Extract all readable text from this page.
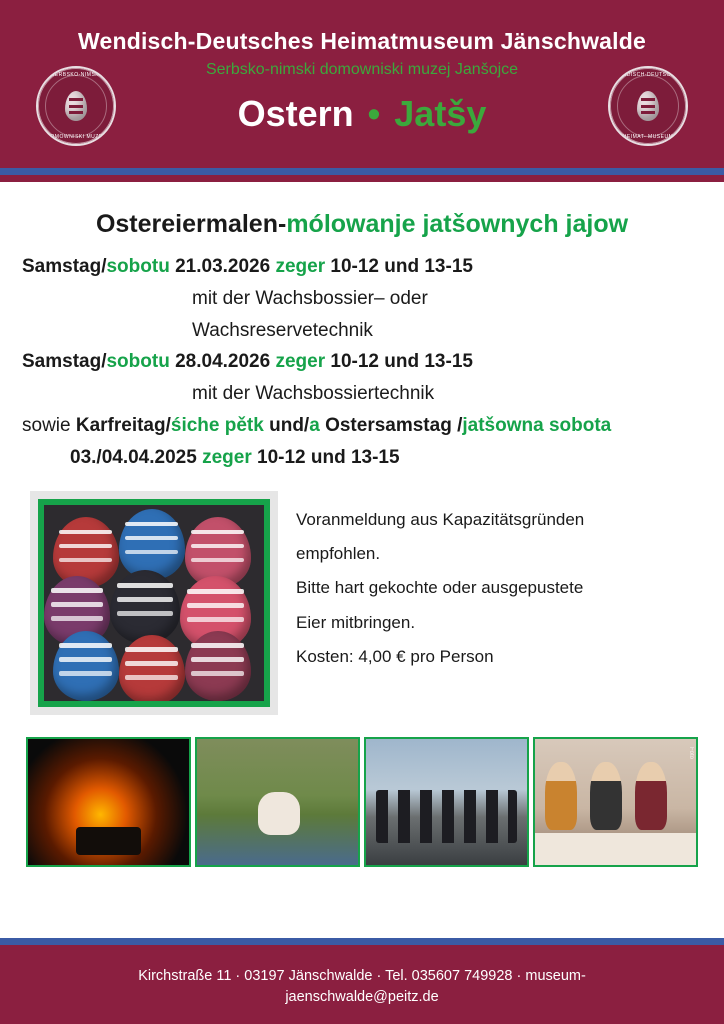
SERBSKO-NIMSKI
DOMOWNISKI MUZEJ
WENDISCH-DEUTSCHES
HEIMAT- MUSEUM
Wendisch-Deutsches Heimatmuseum Jänschwalde
Serbsko-nimski domowniski muzej Janšojce
Ostern • Jatšy
Ostereiermalen-mólowanje jatšownych jajow
Samstag/sobotu 21.03.2026 zeger 10-12 und 13-15
mit der Wachsbossier– oder
Wachsreservetechnik
Samstag/sobotu 28.04.2026 zeger 10-12 und 13-15
mit der Wachsbossiertechnik
sowie Karfreitag/śiche pětk und/a Ostersamstag /jatšowna sobota
03./04.04.2025 zeger 10-12 und 13-15

Voranmeldung aus Kapazitätsgründen

empfohlen.

Bitte hart gekochte oder ausgepustete

Eier mitbringen.

Kosten: 4,00 € pro Person

Foto
Kirchstraße 11 · 03197 Jänschwalde · Tel. 035607 749928 · museum-
jaenschwalde@peitz.de
